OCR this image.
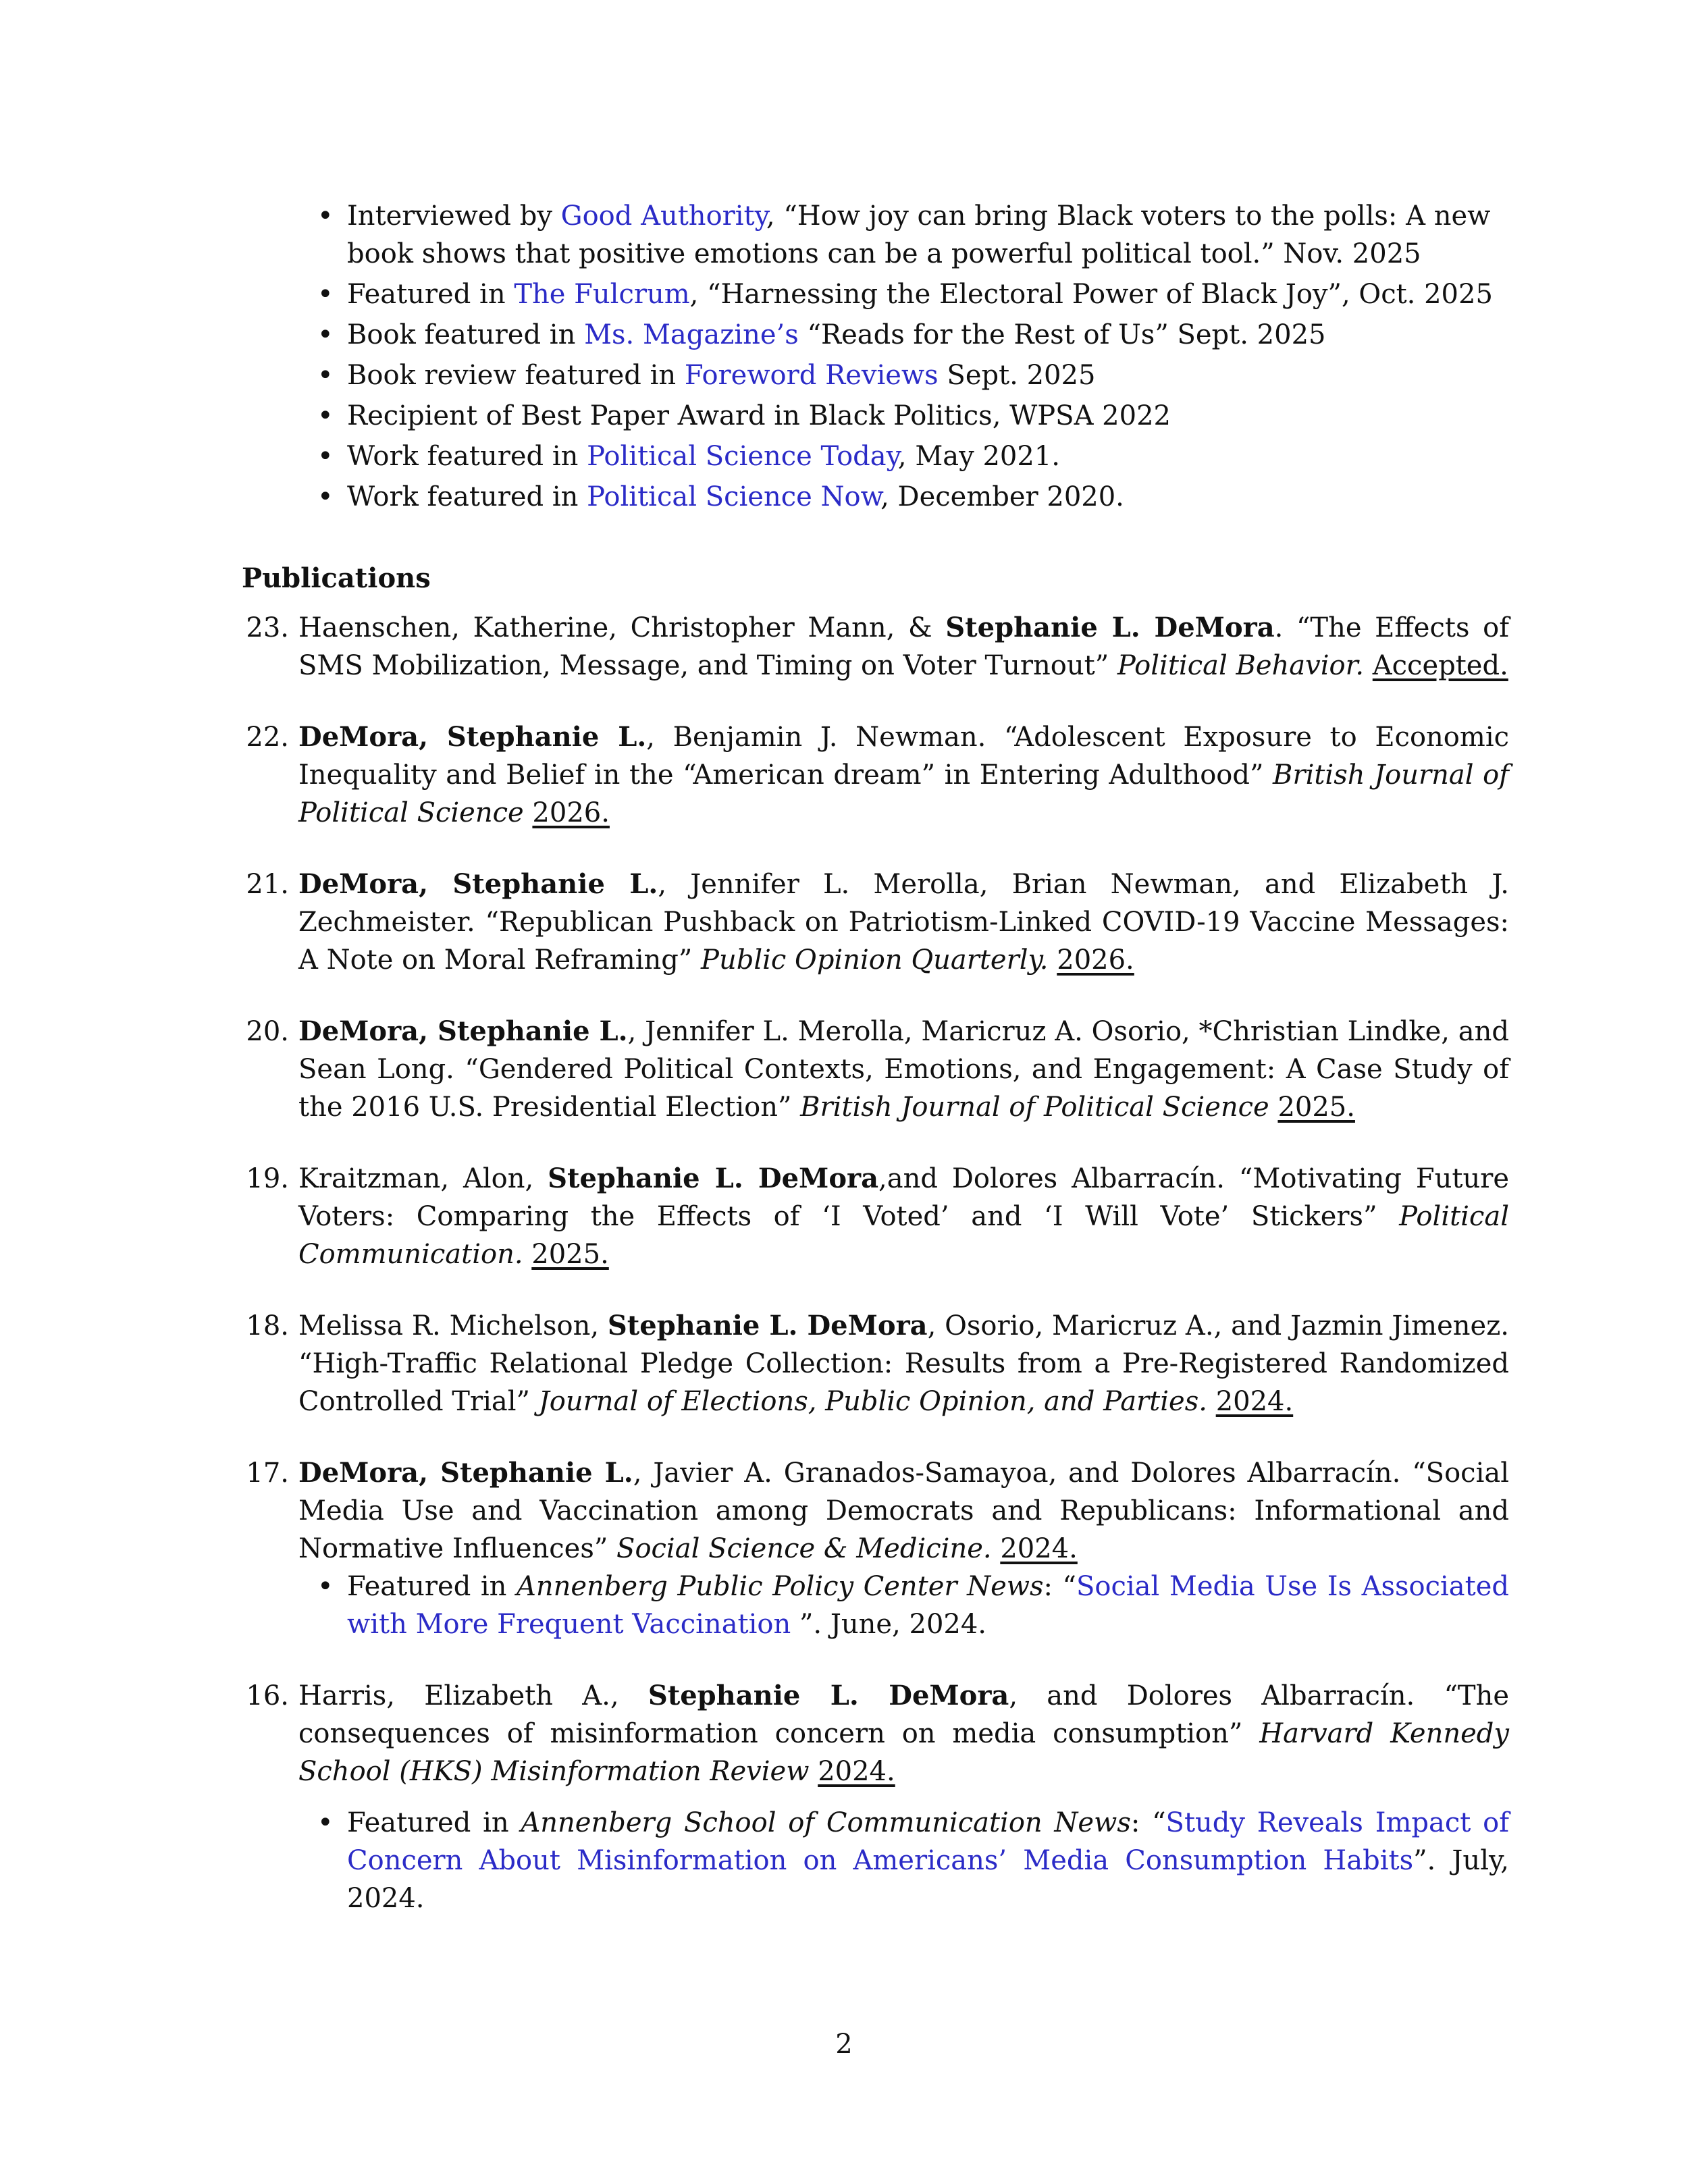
• Interviewed by Good Authority, “How joy can bring Black voters to the polls: A new book shows that positive emotions can be a powerful political tool.” Nov. 2025
• Featured in The Fulcrum, “Harnessing the Electoral Power of Black Joy”, Oct. 2025
• Book featured in Ms. Magazine’s “Reads for the Rest of Us” Sept. 2025
• Book review featured in Foreword Reviews Sept. 2025
• Recipient of Best Paper Award in Black Politics, WPSA 2022
• Work featured in Political Science Today, May 2021.
• Work featured in Political Science Now, December 2020.
Publications
23. Haenschen, Katherine, Christopher Mann, & Stephanie L. DeMora. “The Effects of SMS Mobilization, Message, and Timing on Voter Turnout” Political Behavior. Accepted.
22. DeMora, Stephanie L., Benjamin J. Newman. “Adolescent Exposure to Economic Inequality and Belief in the “American dream” in Entering Adulthood” British Journal of Political Science 2026.
21. DeMora, Stephanie L., Jennifer L. Merolla, Brian Newman, and Elizabeth J. Zechmeister. “Republican Pushback on Patriotism-Linked COVID-19 Vaccine Messages: A Note on Moral Reframing” Public Opinion Quarterly. 2026.
20. DeMora, Stephanie L., Jennifer L. Merolla, Maricruz A. Osorio, *Christian Lindke, and Sean Long. “Gendered Political Contexts, Emotions, and Engagement: A Case Study of the 2016 U.S. Presidential Election” British Journal of Political Science 2025.
19. Kraitzman, Alon, Stephanie L. DeMora,and Dolores Albarracín. “Motivating Future Voters: Comparing the Effects of ‘I Voted’ and ‘I Will Vote’ Stickers” Political Communication. 2025.
18. Melissa R. Michelson, Stephanie L. DeMora, Osorio, Maricruz A., and Jazmin Jimenez. “High-Traffic Relational Pledge Collection: Results from a Pre-Registered Randomized Controlled Trial” Journal of Elections, Public Opinion, and Parties. 2024.
17. DeMora, Stephanie L., Javier A. Granados-Samayoa, and Dolores Albarracín. “Social Media Use and Vaccination among Democrats and Republicans: Informational and Normative Influences” Social Science & Medicine. 2024.
• Featured in Annenberg Public Policy Center News: “Social Media Use Is Associated with More Frequent Vaccination ”. June, 2024.
16. Harris, Elizabeth A., Stephanie L. DeMora, and Dolores Albarracín. “The consequences of misinformation concern on media consumption” Harvard Kennedy School (HKS) Misinformation Review 2024.
• Featured in Annenberg School of Communication News: “Study Reveals Impact of Concern About Misinformation on Americans’ Media Consumption Habits”. July, 2024.
2
